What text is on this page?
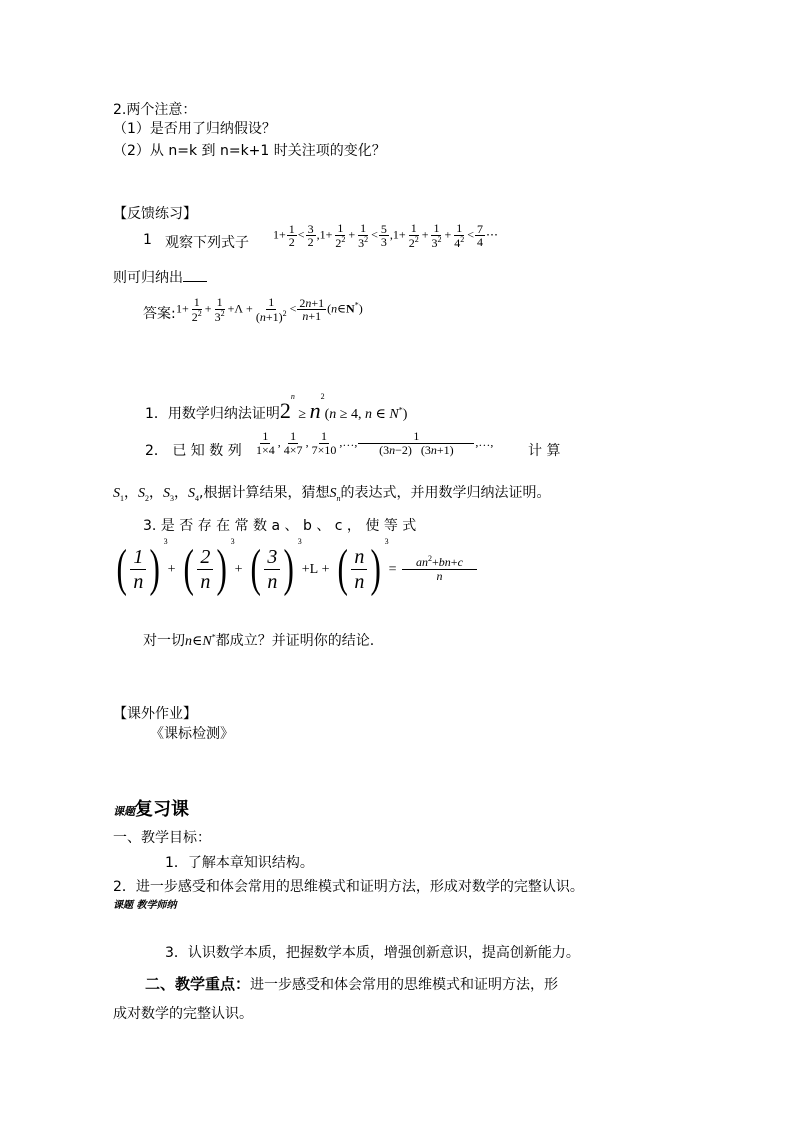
2.两个注意：
（1）是否用了归纳假设？
（2）从 n=k 到 n=k+1 时关注项的变化？
【反馈练习】
1 观察下列式子
$1+ \frac{1}{2} < \frac{3}{2} ,1+ \frac{1}{2^2} + \frac{1}{3^2} < \frac{5}{3} ,1+ \frac{1}{2^2} + \frac{1}{3^2} + \frac{1}{4^2} < \frac{7}{4}$ ⋯
则可归纳出
答案: $1+ \frac{1}{2^2} + \frac{1}{3^2} +\Lambda + \frac{1}{(n+1)^2} < \frac{2n+1}{n+1}$ (n∈N*)
1．用数学归纳法证明$2^n \ge n^2(n \ge 4$, n ∈ N*)
2． 已 知 数 列 $\frac{1}{1\times 4}$ , $\frac{1}{4\times 7}$ , $\frac{1}{7\times 10}$ ,…, $\frac{1}{(3n-2) (3n+1)}$ ,…,
计 算
$S_1$，$S_2$，$S_3$，$S_4$,根据计算结果，猜想$S_n$的表达式，并用数学归纳法证明。
3. 是 否 存 在 常 数 a 、 b 、 c ， 使 等 式
( $\frac{1}{n}$ ) $^3$+ ( $\frac{2}{n}$ ) $^3$+ ( $\frac{3}{n}$ ) $^3$+L + ( $\frac{n}{n}$ ) $^3= \frac{an^2+bn+c}{n}$
对一切n∈N*都成立？并证明你的结论.
【课外作业】
《课标检测》
课题复习课
一、教学目标：
1．了解本章知识结构。
2．进一步感受和体会常用的思维模式和证明方法，形成对数学的完整认识。
课题 教学师纳
3．认识数学本质，把握数学本质，增强创新意识，提高创新能力。
二、教学重点：进一步感受和体会常用的思维模式和证明方法，形
成对数学的完整认识。
